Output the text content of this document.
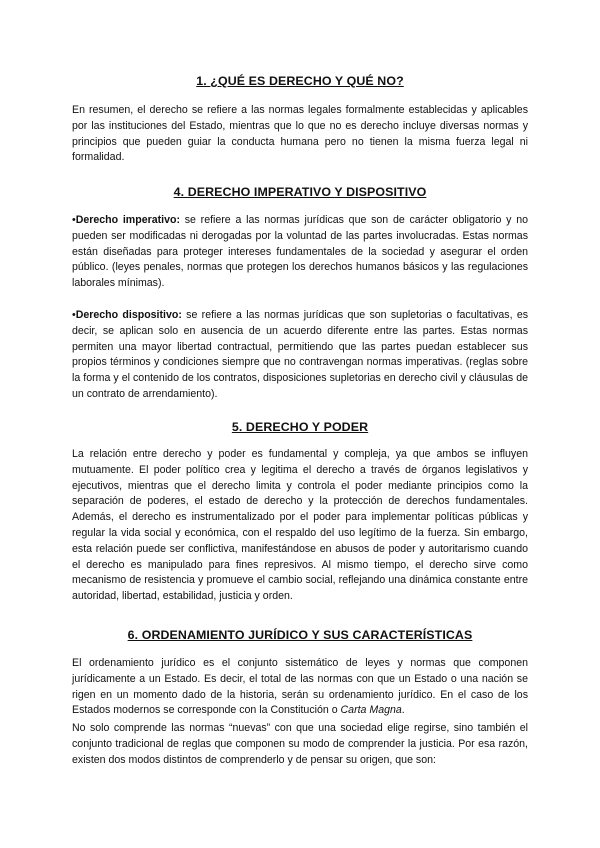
1. ¿QUÉ ES DERECHO Y QUÉ NO?

En resumen, el derecho se refiere a las normas legales formalmente establecidas y aplicables por las instituciones del Estado, mientras que lo que no es derecho incluye diversas normas y principios que pueden guiar la conducta humana pero no tienen la misma fuerza legal ni formalidad.

4. DERECHO IMPERATIVO Y DISPOSITIVO

•Derecho imperativo: se refiere a las normas jurídicas que son de carácter obligatorio y no pueden ser modificadas ni derogadas por la voluntad de las partes involucradas. Estas normas están diseñadas para proteger intereses fundamentales de la sociedad y asegurar el orden público. (leyes penales, normas que protegen los derechos humanos básicos y las regulaciones laborales mínimas).

•Derecho dispositivo: se refiere a las normas jurídicas que son supletorias o facultativas, es decir, se aplican solo en ausencia de un acuerdo diferente entre las partes. Estas normas permiten una mayor libertad contractual, permitiendo que las partes puedan establecer sus propios términos y condiciones siempre que no contravengan normas imperativas. (reglas sobre la forma y el contenido de los contratos, disposiciones supletorias en derecho civil y cláusulas de un contrato de arrendamiento).

5. DERECHO Y PODER

La relación entre derecho y poder es fundamental y compleja, ya que ambos se influyen mutuamente. El poder político crea y legitima el derecho a través de órganos legislativos y ejecutivos, mientras que el derecho limita y controla el poder mediante principios como la separación de poderes, el estado de derecho y la protección de derechos fundamentales. Además, el derecho es instrumentalizado por el poder para implementar políticas públicas y regular la vida social y económica, con el respaldo del uso legítimo de la fuerza. Sin embargo, esta relación puede ser conflictiva, manifestándose en abusos de poder y autoritarismo cuando el derecho es manipulado para fines represivos. Al mismo tiempo, el derecho sirve como mecanismo de resistencia y promueve el cambio social, reflejando una dinámica constante entre autoridad, libertad, estabilidad, justicia y orden.

6. ORDENAMIENTO JURÍDICO Y SUS CARACTERÍSTICAS

El ordenamiento jurídico es el conjunto sistemático de leyes y normas que componen jurídicamente a un Estado. Es decir, el total de las normas con que un Estado o una nación se rigen en un momento dado de la historia, serán su ordenamiento jurídico. En el caso de los Estados modernos se corresponde con la Constitución o Carta Magna.

No solo comprende las normas “nuevas” con que una sociedad elige regirse, sino también el conjunto tradicional de reglas que componen su modo de comprender la justicia. Por esa razón, existen dos modos distintos de comprenderlo y de pensar su origen, que son:
